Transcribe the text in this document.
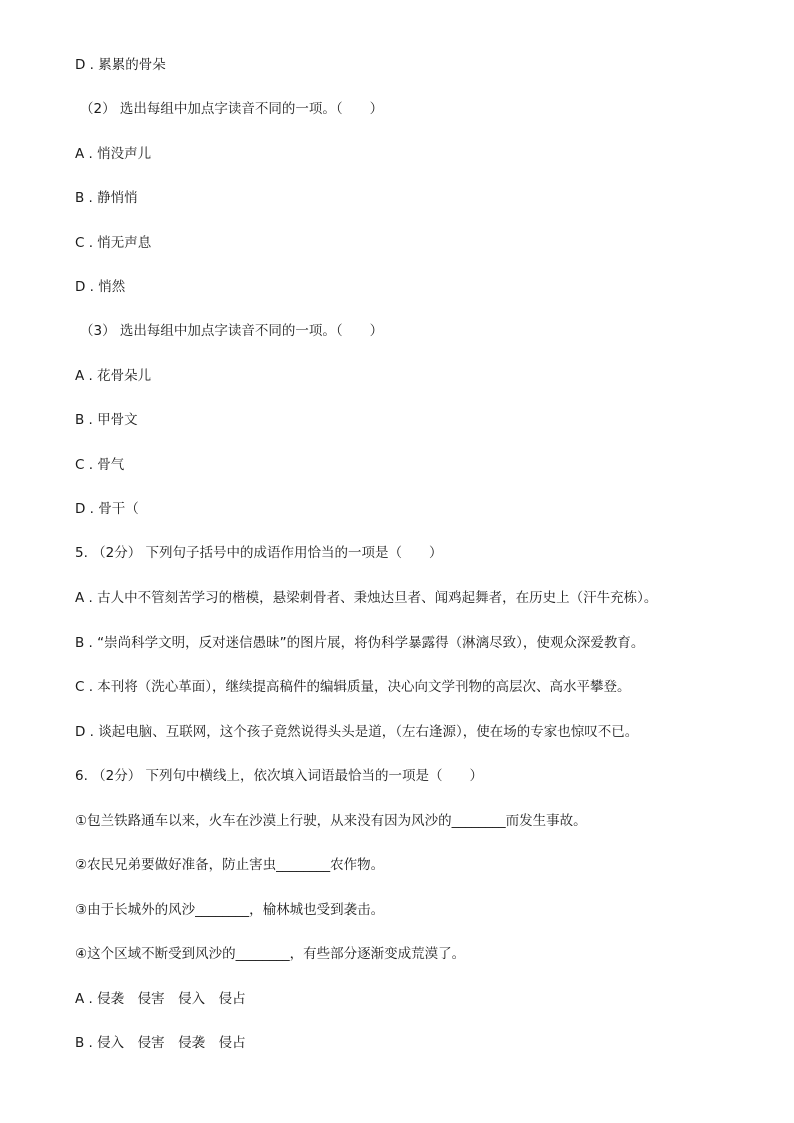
D . 累累的骨朵
（2） 选出每组中加点字读音不同的一项。（　　）
A . 悄没声儿
B . 静悄悄
C . 悄无声息
D . 悄然
（3） 选出每组中加点字读音不同的一项。（　　）
A . 花骨朵儿
B . 甲骨文
C . 骨气
D . 骨干（
5. （2分） 下列句子括号中的成语作用恰当的一项是（　　）
A . 古人中不管刻苦学习的楷模，悬梁刺骨者、秉烛达旦者、闻鸡起舞者，在历史上（汗牛充栋）。
B . “崇尚科学文明，反对迷信愚昧”的图片展，将伪科学暴露得（淋漓尽致），使观众深爱教育。
C . 本刊将（洗心革面），继续提高稿件的编辑质量，决心向文学刊物的高层次、高水平攀登。
D . 谈起电脑、互联网，这个孩子竟然说得头头是道，（左右逢源），使在场的专家也惊叹不已。
6. （2分） 下列句中横线上，依次填入词语最恰当的一项是（　　）
①包兰铁路通车以来，火车在沙漠上行驶，从来没有因为风沙的________而发生事故。
②农民兄弟要做好准备，防止害虫________农作物。
③由于长城外的风沙________，榆林城也受到袭击。
④这个区域不断受到风沙的________，有些部分逐渐变成荒漠了。
A . 侵袭　侵害　侵入　侵占
B . 侵入　侵害　侵袭　侵占
